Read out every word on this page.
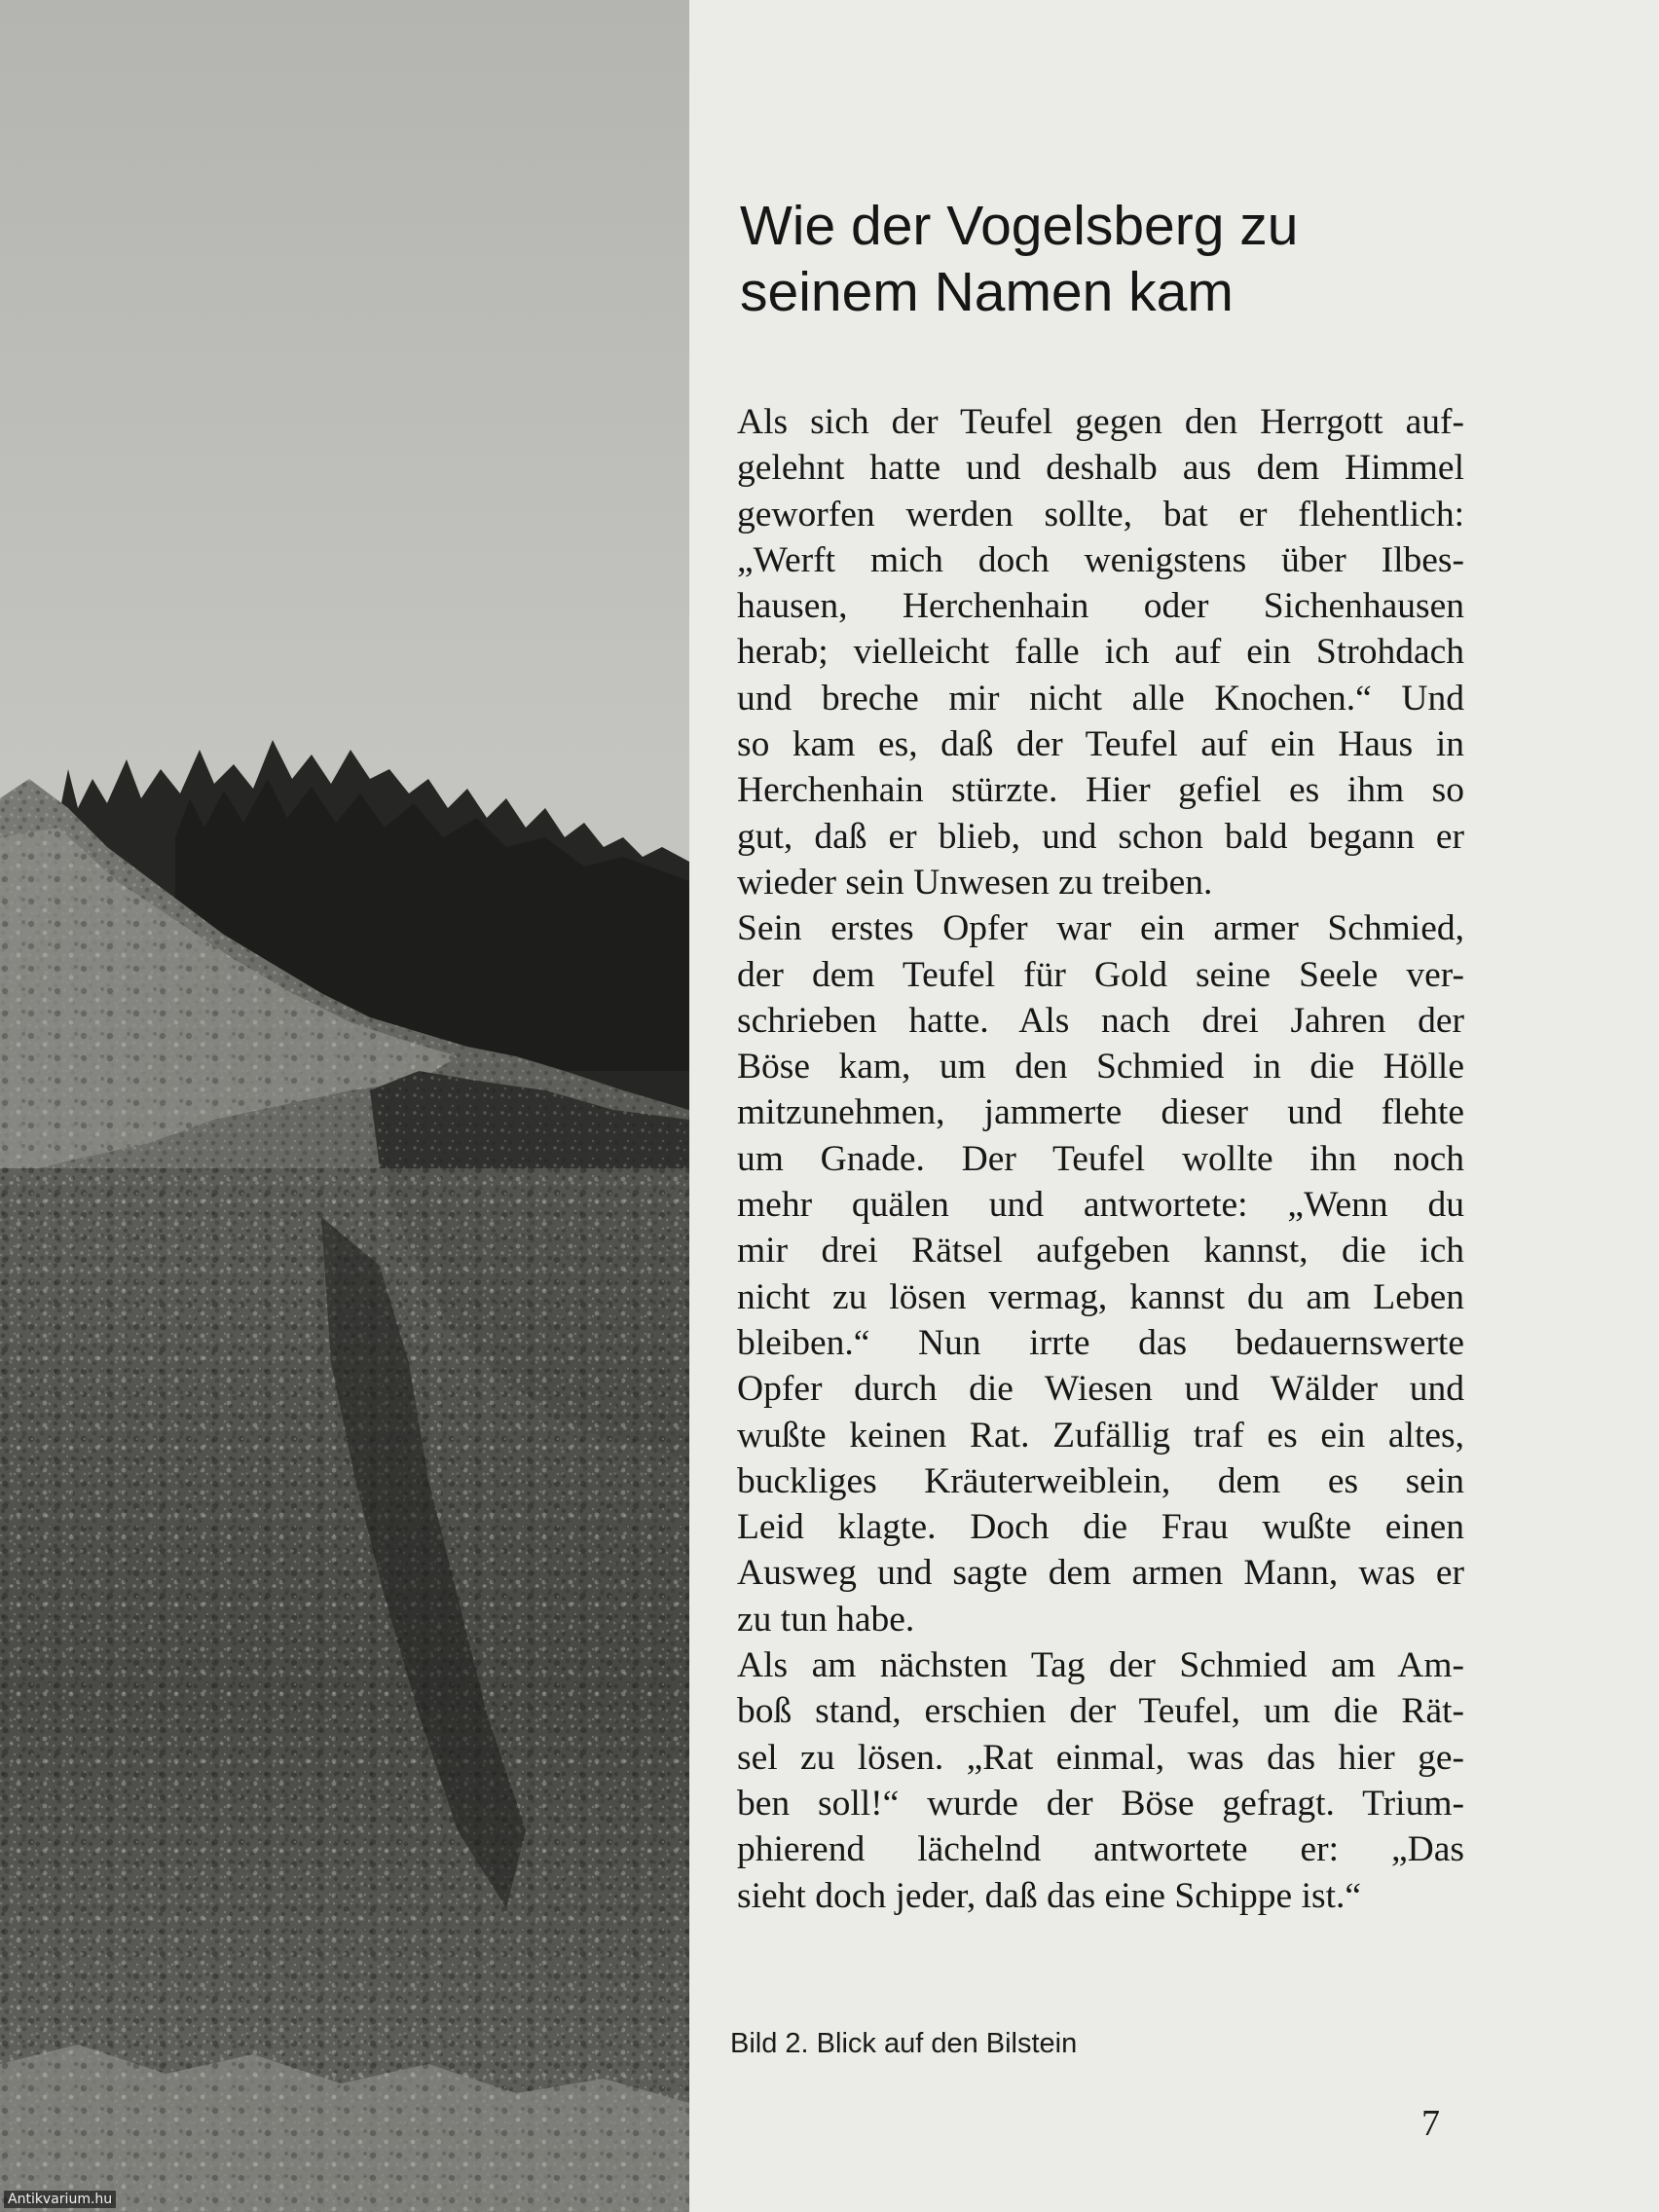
Wie der Vogelsberg zu
seinem Namen kam
Als sich der Teufel gegen den Herrgott auf-
gelehnt hatte und deshalb aus dem Himmel
geworfen werden sollte, bat er flehentlich:
„Werft mich doch wenigstens über Ilbes-
hausen, Herchenhain oder Sichenhausen
herab; vielleicht falle ich auf ein Strohdach
und breche mir nicht alle Knochen.“ Und
so kam es, daß der Teufel auf ein Haus in
Herchenhain stürzte. Hier gefiel es ihm so
gut, daß er blieb, und schon bald begann er
wieder sein Unwesen zu treiben.
Sein erstes Opfer war ein armer Schmied,
der dem Teufel für Gold seine Seele ver-
schrieben hatte. Als nach drei Jahren der
Böse kam, um den Schmied in die Hölle
mitzunehmen, jammerte dieser und flehte
um Gnade. Der Teufel wollte ihn noch
mehr quälen und antwortete: „Wenn du
mir drei Rätsel aufgeben kannst, die ich
nicht zu lösen vermag, kannst du am Leben
bleiben.“ Nun irrte das bedauernswerte
Opfer durch die Wiesen und Wälder und
wußte keinen Rat. Zufällig traf es ein altes,
buckliges Kräuterweiblein, dem es sein
Leid klagte. Doch die Frau wußte einen
Ausweg und sagte dem armen Mann, was er
zu tun habe.
Als am nächsten Tag der Schmied am Am-
boß stand, erschien der Teufel, um die Rät-
sel zu lösen. „Rat einmal, was das hier ge-
ben soll!“ wurde der Böse gefragt. Trium-
phierend lächelnd antwortete er: „Das
sieht doch jeder, daß das eine Schippe ist.“
Bild 2. Blick auf den Bilstein
7
Antikvarium.hu
